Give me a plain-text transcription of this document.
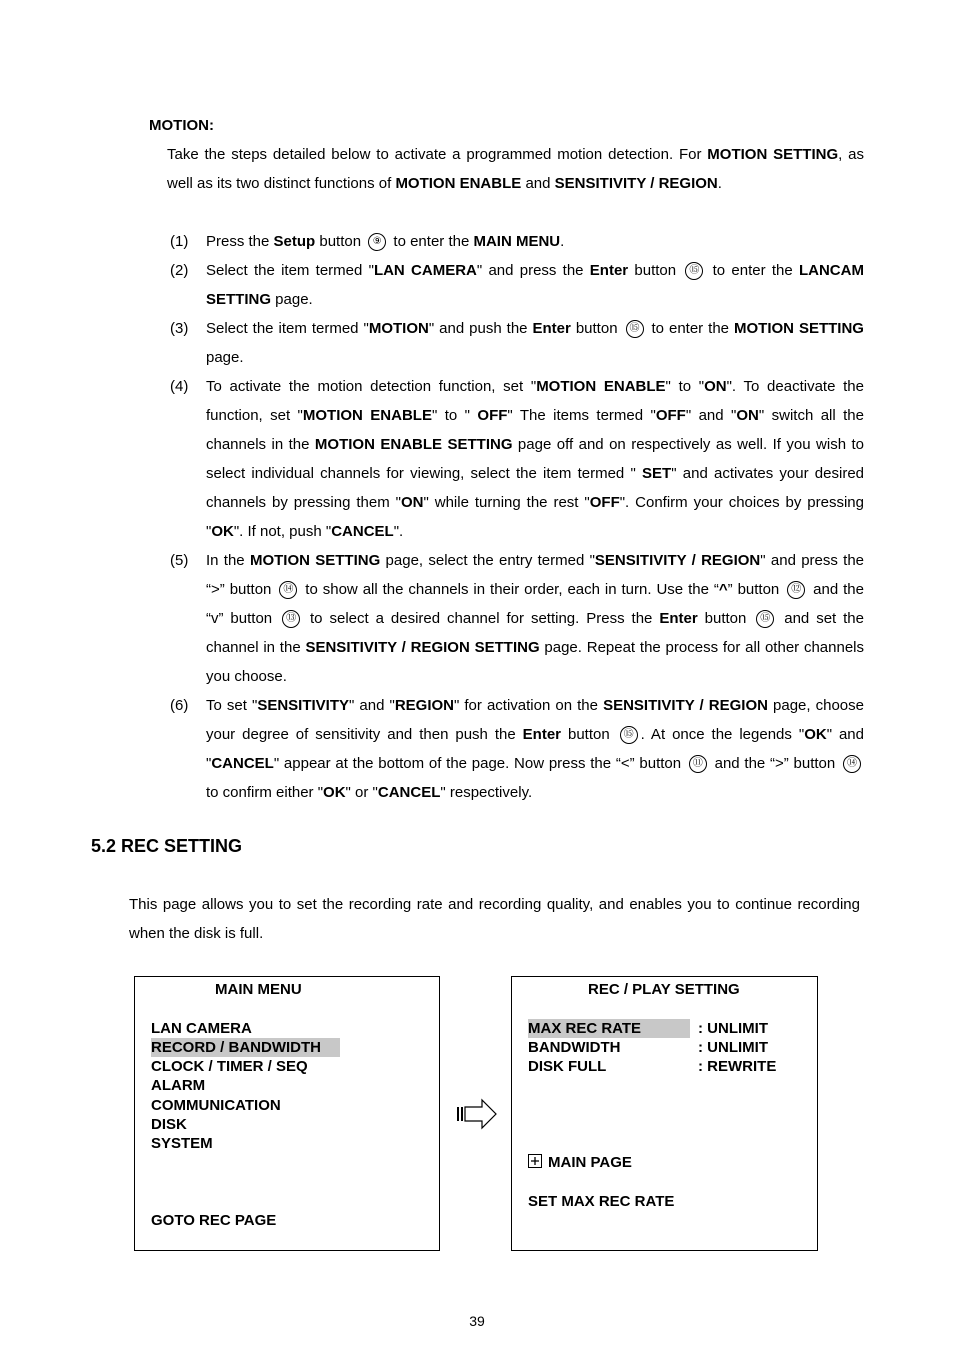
MOTION:
Take the steps detailed below to activate a programmed motion detection. For MOTION SETTING, as well as its two distinct functions of MOTION ENABLE and SENSITIVITY / REGION.
(1) Press the Setup button ⑨ to enter the MAIN MENU.
(2) Select the item termed "LAN CAMERA" and press the Enter button ⑮ to enter the LANCAM SETTING page.
(3) Select the item termed "MOTION" and push the Enter button ⑮ to enter the MOTION SETTING page.
(4) To activate the motion detection function, set "MOTION ENABLE" to "ON". To deactivate the function, set "MOTION ENABLE" to " OFF" The items termed "OFF" and "ON" switch all the channels in the MOTION ENABLE SETTING page off and on respectively as well. If you wish to select individual channels for viewing, select the item termed " SET" and activates your desired channels by pressing them "ON" while turning the rest "OFF". Confirm your choices by pressing "OK". If not, push "CANCEL".
(5) In the MOTION SETTING page, select the entry termed "SENSITIVITY / REGION" and press the “>” button ⑭ to show all the channels in their order, each in turn. Use the “^” button ⑫ and the “v” button ⑬ to select a desired channel for setting. Press the Enter button ⑮ and set the channel in the SENSITIVITY / REGION SETTING page. Repeat the process for all other channels you choose.
(6) To set "SENSITIVITY" and "REGION" for activation on the SENSITIVITY / REGION page, choose your degree of sensitivity and then push the Enter button ⑮ . At once the legends "OK" and "CANCEL" appear at the bottom of the page. Now press the “<” button ⑪ and the “>” button ⑭ to confirm either "OK" or "CANCEL" respectively.
5.2 REC SETTING
This page allows you to set the recording rate and recording quality, and enables you to continue recording when the disk is full.
MAIN MENU
LAN CAMERA
RECORD / BANDWIDTH
CLOCK / TIMER / SEQ
ALARM
COMMUNICATION
DISK
SYSTEM
GOTO REC PAGE
REC / PLAY SETTING
MAX REC RATE	: UNLIMIT
BANDWIDTH	: UNLIMIT
DISK FULL	: REWRITE
MAIN PAGE
SET MAX REC RATE
39
